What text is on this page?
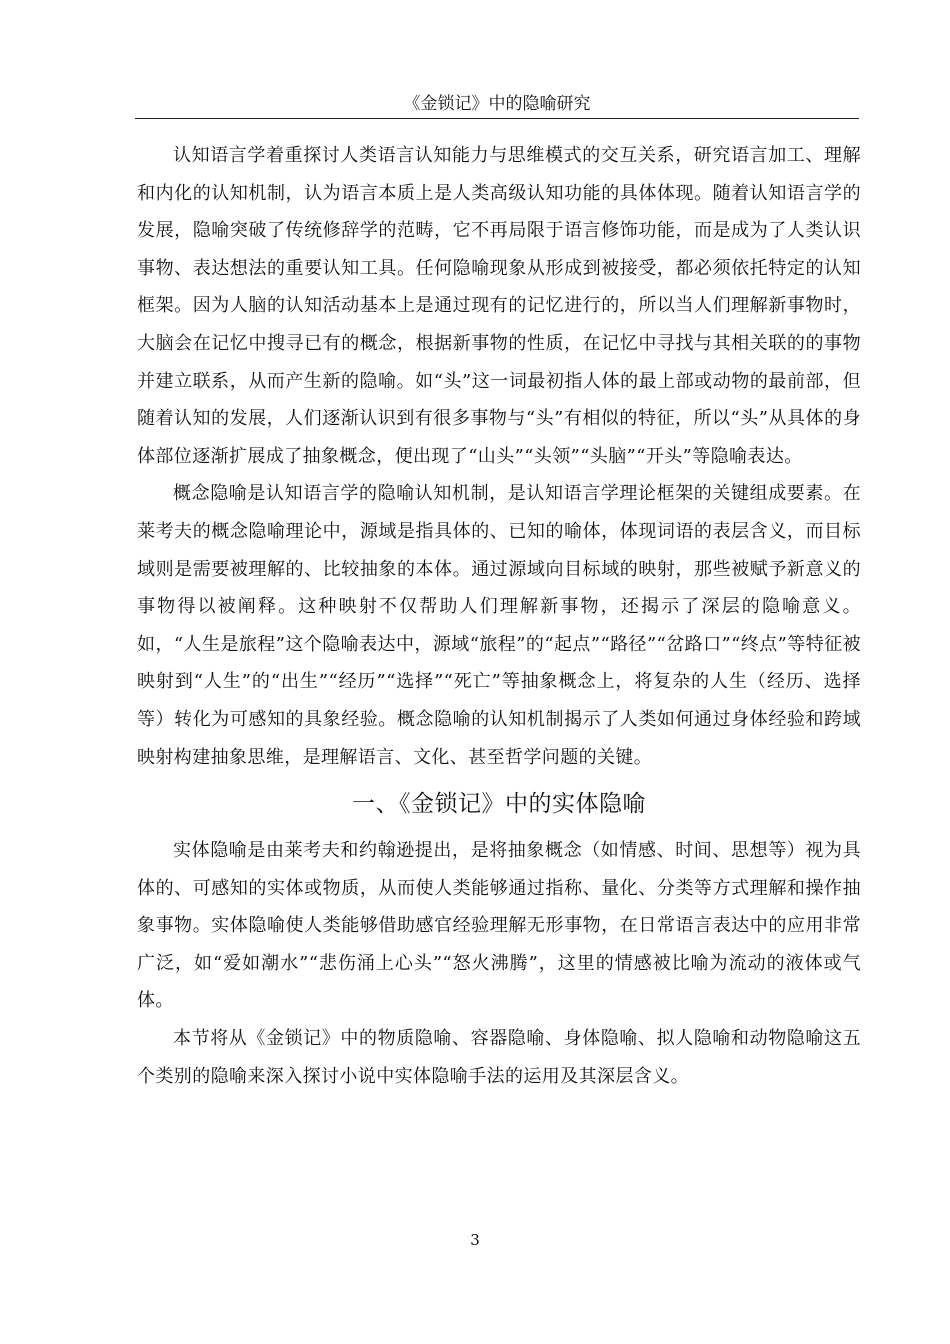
《金锁记》中的隐喻研究

认知语言学着重探讨人类语言认知能力与思维模式的交互关系，研究语言加工、理解和内化的认知机制，认为语言本质上是人类高级认知功能的具体体现。随着认知语言学的发展，隐喻突破了传统修辞学的范畴，它不再局限于语言修饰功能，而是成为了人类认识事物、表达想法的重要认知工具。任何隐喻现象从形成到被接受，都必须依托特定的认知框架。因为人脑的认知活动基本上是通过现有的记忆进行的，所以当人们理解新事物时，大脑会在记忆中搜寻已有的概念，根据新事物的性质，在记忆中寻找与其相关联的的事物并建立联系，从而产生新的隐喻。如“头”这一词最初指人体的最上部或动物的最前部，但随着认知的发展，人们逐渐认识到有很多事物与“头”有相似的特征，所以“头”从具体的身体部位逐渐扩展成了抽象概念，便出现了“山头”“头领”“头脑”“开头”等隐喻表达。

概念隐喻是认知语言学的隐喻认知机制，是认知语言学理论框架的关键组成要素。在莱考夫的概念隐喻理论中，源域是指具体的、已知的喻体，体现词语的表层含义，而目标域则是需要被理解的、比较抽象的本体。通过源域向目标域的映射，那些被赋予新意义的事物得以被阐释。这种映射不仅帮助人们理解新事物，还揭示了深层的隐喻意义。如，“人生是旅程”这个隐喻表达中，源域“旅程”的“起点”“路径”“岔路口”“终点”等特征被映射到“人生”的“出生”“经历”“选择”“死亡”等抽象概念上，将复杂的人生（经历、选择等）转化为可感知的具象经验。概念隐喻的认知机制揭示了人类如何通过身体经验和跨域映射构建抽象思维，是理解语言、文化、甚至哲学问题的关键。

一、《金锁记》中的实体隐喻

实体隐喻是由莱考夫和约翰逊提出，是将抽象概念（如情感、时间、思想等）视为具体的、可感知的实体或物质，从而使人类能够通过指称、量化、分类等方式理解和操作抽象事物。实体隐喻使人类能够借助感官经验理解无形事物，在日常语言表达中的应用非常广泛，如“爱如潮水”“悲伤涌上心头”“怒火沸腾”，这里的情感被比喻为流动的液体或气体。

本节将从《金锁记》中的物质隐喻、容器隐喻、身体隐喻、拟人隐喻和动物隐喻这五个类别的隐喻来深入探讨小说中实体隐喻手法的运用及其深层含义。

3
